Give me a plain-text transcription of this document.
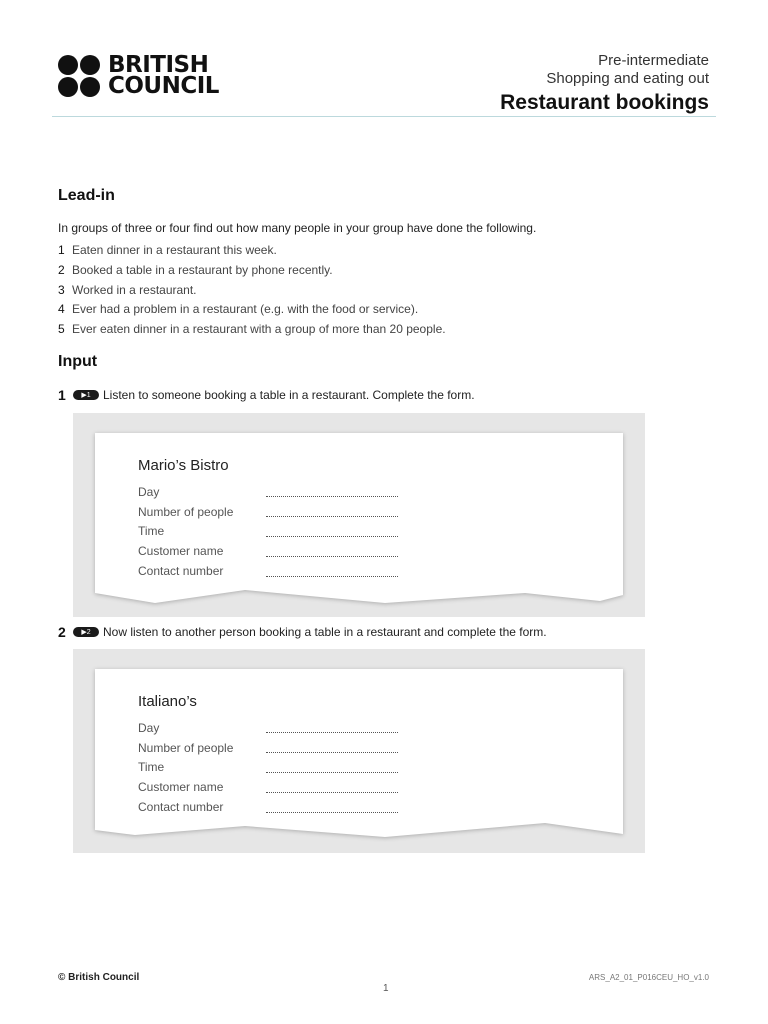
BRITISH
COUNCIL
Pre-intermediate
Shopping and eating out
Restaurant bookings
Lead-in
In groups of three or four find out how many people in your group have done the following.
1 Eaten dinner in a restaurant this week.
2 Booked a table in a restaurant by phone recently.
3 Worked in a restaurant.
4 Ever had a problem in a restaurant (e.g. with the food or service).
5 Ever eaten dinner in a restaurant with a group of more than 20 people.
Input
1	▶ 1 Listen to someone booking a table in a restaurant. Complete the form.
Mario’s Bistro
Day
Number of people
Time
Customer name
Contact number
2	▶ 2 Now listen to another person booking a table in a restaurant and complete the form.
Italiano’s
Day
Number of people
Time
Customer name
Contact number
© British Council
1
ARS_A2_01_P016CEU_HO_v1.0
